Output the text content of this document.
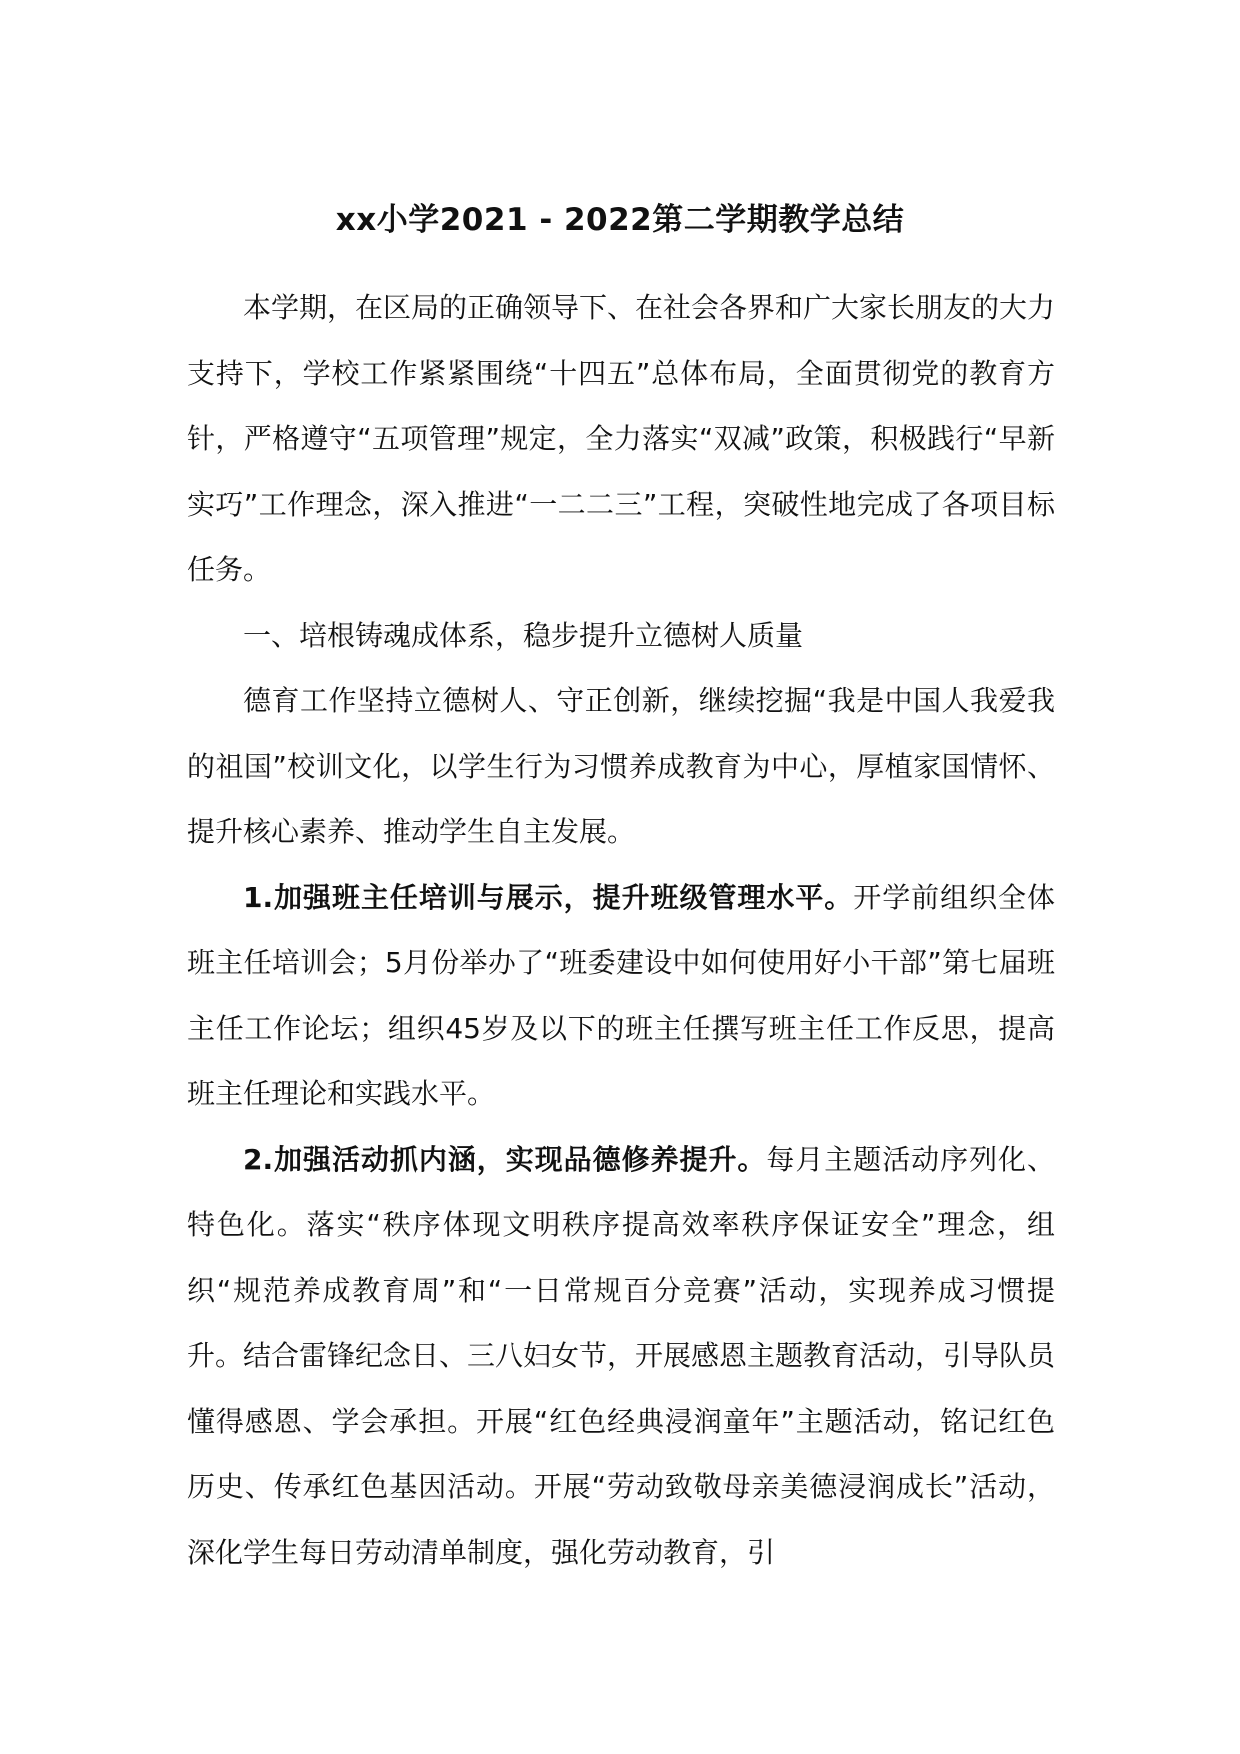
xx小学2021 - 2022第二学期教学总结

本学期，在区局的正确领导下、在社会各界和广大家长朋友的大力支持下，学校工作紧紧围绕“十四五”总体布局，全面贯彻党的教育方针，严格遵守“五项管理”规定，全力落实“双减”政策，积极践行“早新实巧”工作理念，深入推进“一二二三”工程，突破性地完成了各项目标任务。

一、培根铸魂成体系，稳步提升立德树人质量

德育工作坚持立德树人、守正创新，继续挖掘“我是中国人我爱我的祖国”校训文化，以学生行为习惯养成教育为中心，厚植家国情怀、提升核心素养、推动学生自主发展。

1.加强班主任培训与展示，提升班级管理水平。开学前组织全体班主任培训会；5月份举办了“班委建设中如何使用好小干部”第七届班主任工作论坛；组织45岁及以下的班主任撰写班主任工作反思，提高班主任理论和实践水平。

2.加强活动抓内涵，实现品德修养提升。每月主题活动序列化、特色化。落实“秩序体现文明秩序提高效率秩序保证安全”理念，组织“规范养成教育周”和“一日常规百分竞赛”活动，实现养成习惯提升。结合雷锋纪念日、三八妇女节，开展感恩主题教育活动，引导队员懂得感恩、学会承担。开展“红色经典浸润童年”主题活动，铭记红色历史、传承红色基因活动。开展“劳动致敬母亲美德浸润成长”活动，深化学生每日劳动清单制度，强化劳动教育，引
